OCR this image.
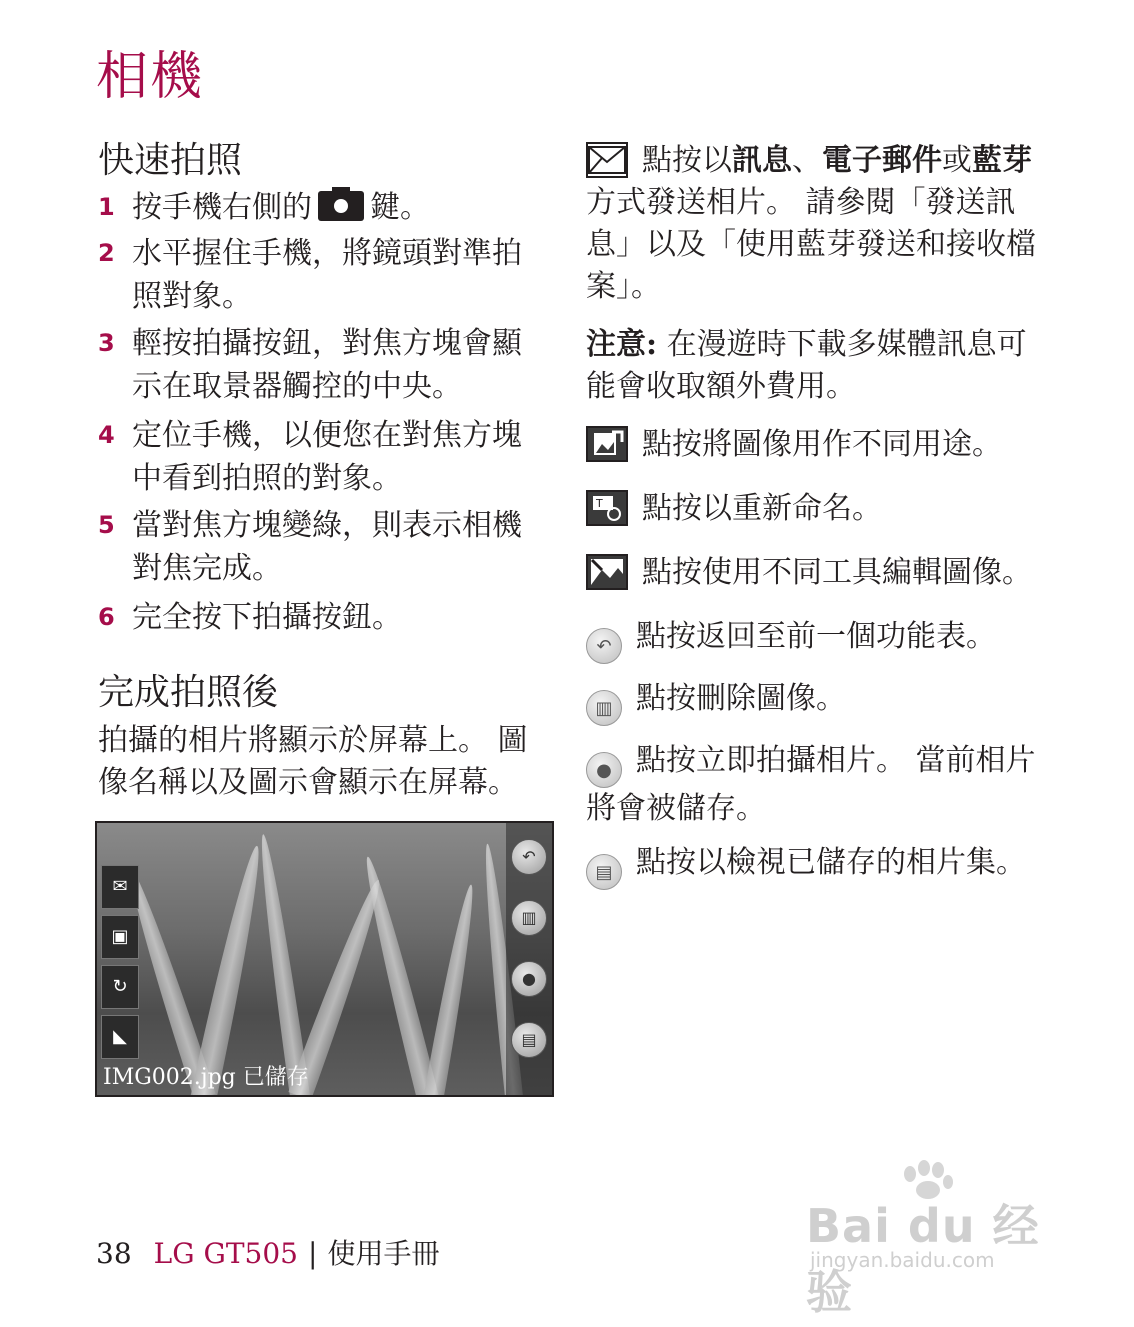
相機
快速拍照
1 按手機右側的 鍵。
2 水平握住手機，將鏡頭對準拍照對象。
3 輕按拍攝按鈕，對焦方塊會顯示在取景器觸控的中央。
4 定位手機，以便您在對焦方塊中看到拍照的對象。
5 當對焦方塊變綠，則表示相機對焦完成。
6 完全按下拍攝按鈕。
完成拍照後
拍攝的相片將顯示於屏幕上。 圖像名稱以及圖示會顯示在屏幕。
✉
▣
↻
◣
↶
▥
●
▤
IMG002.jpg 已儲存
點按以訊息、電子郵件或藍芽方式發送相片。 請參閱「發送訊息」以及「使用藍芽發送和接收檔案」。
注意: 在漫遊時下載多媒體訊息可能會收取額外費用。
點按將圖像用作不同用途。
T 點按以重新命名。
點按使用不同工具編輯圖像。
↶ 點按返回至前一個功能表。
▥ 點按刪除圖像。
● 點按立即拍攝相片。 當前相片將會被儲存。
▤ 點按以檢視已儲存的相片集。
38 LG GT505 | 使用手冊
Bai du 经验
jingyan.baidu.com
